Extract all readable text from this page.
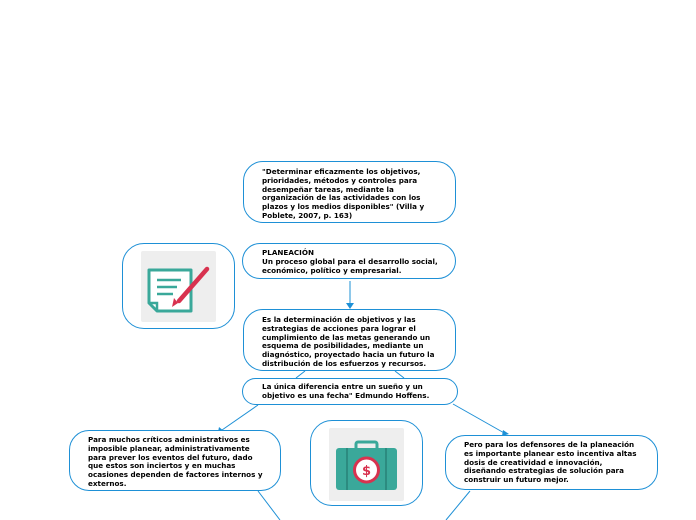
"Determinar eficazmente los objetivos, prioridades, métodos y controles para desempeñar tareas, mediante la organización de las actividades con los plazos y los medios disponibles" (Villa y Poblete, 2007, p. 163)
PLANEACIÓN
Un proceso global para el desarrollo social, económico, político y empresarial.
Es la determinación de objetivos y las estrategias de acciones para lograr el cumplimiento de las metas generando un esquema de posibilidades, mediante un diagnóstico, proyectado hacia un futuro la distribución de los esfuerzos y recursos.
La única diferencia entre un sueño y un objetivo es una fecha" Edmundo Hoffens.
Para muchos críticos administrativos es imposible planear, administrativamente para prever los eventos del futuro, dado que estos son inciertos y en muchas ocasiones dependen de factores internos y externos.
$
Pero para los defensores de la planeación es importante planear esto incentiva altas dosis de creatividad e innovación, diseñando estrategias de solución para construir un futuro mejor.
